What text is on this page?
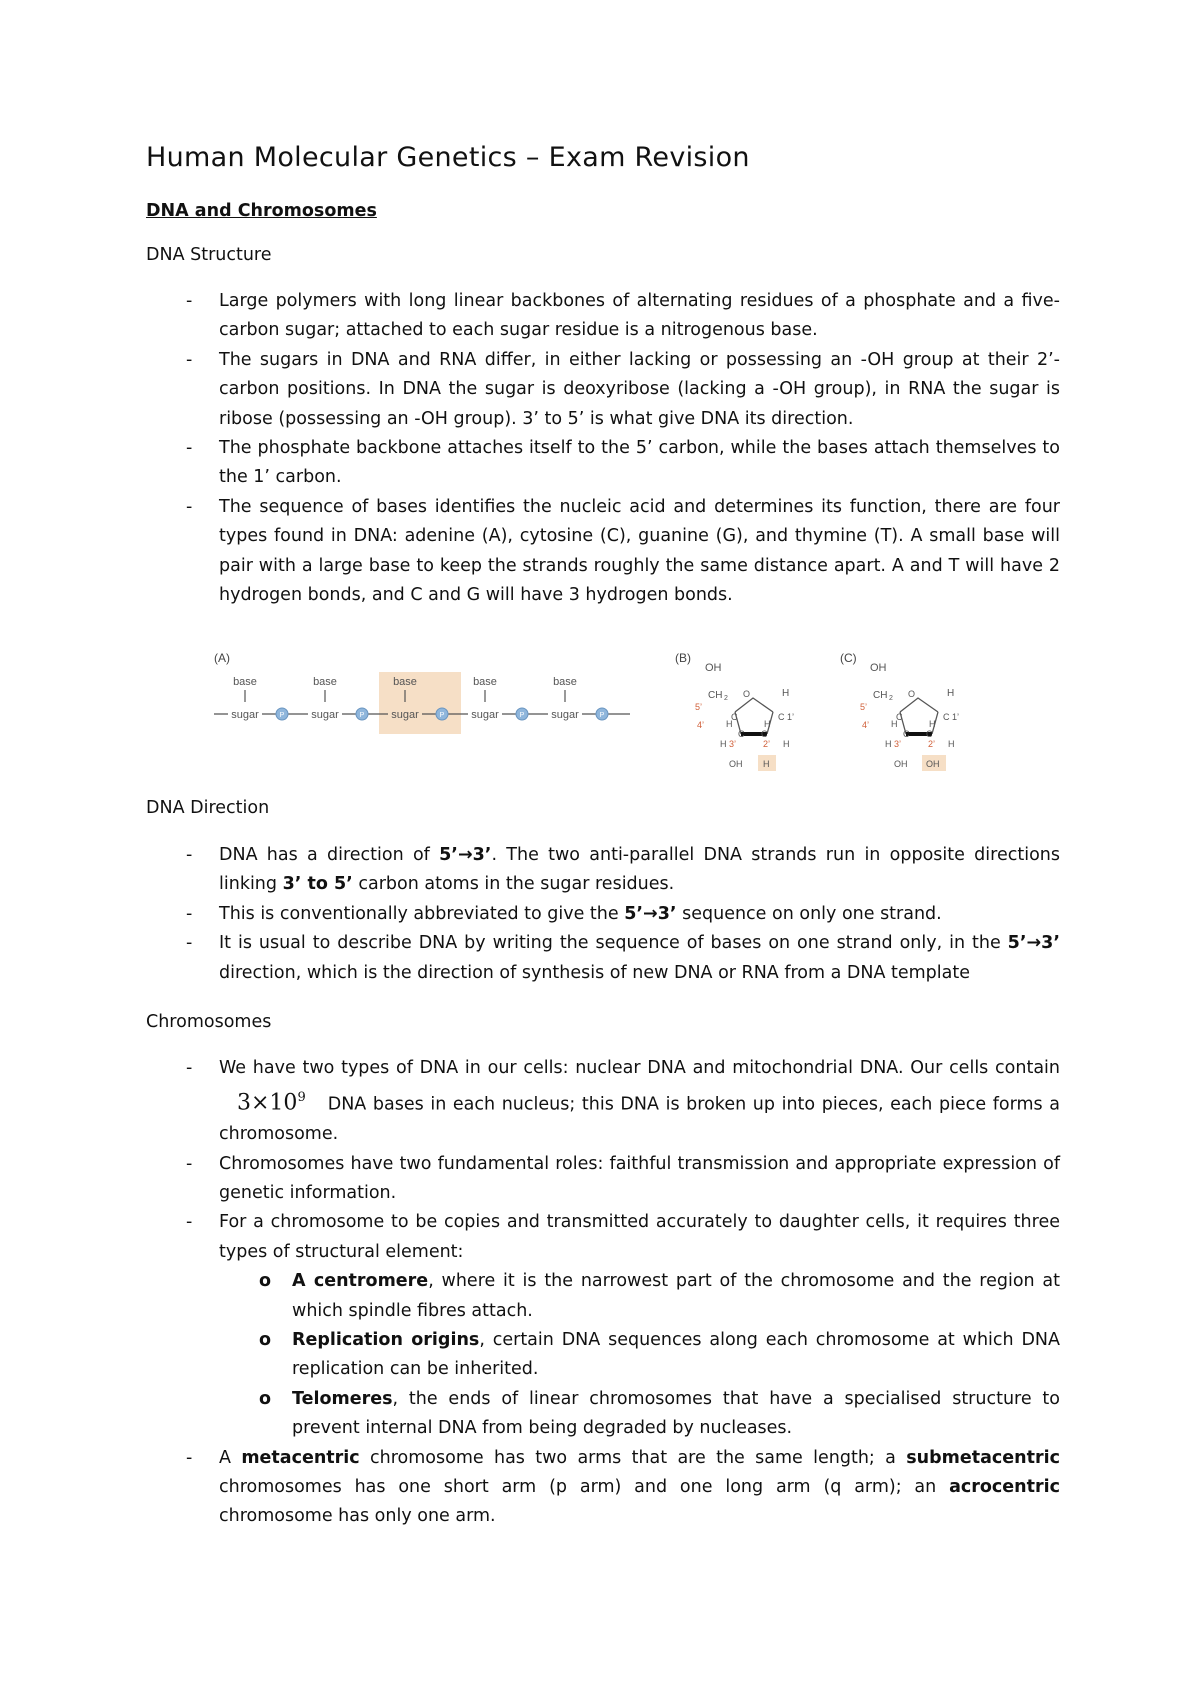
Human Molecular Genetics – Exam Revision
DNA and Chromosomes
DNA Structure
- Large polymers with long linear backbones of alternating residues of a phosphate and a five-carbon sugar; attached to each sugar residue is a nitrogenous base.
- The sugars in DNA and RNA differ, in either lacking or possessing an -OH group at their 2’-carbon positions. In DNA the sugar is deoxyribose (lacking a -OH group), in RNA the sugar is ribose (possessing an -OH group). 3’ to 5’ is what give DNA its direction.
- The phosphate backbone attaches itself to the 5’ carbon, while the bases attach themselves to the 1’ carbon.
- The sequence of bases identifies the nucleic acid and determines its function, there are four types found in DNA: adenine (A), cytosine (C), guanine (G), and thymine (T). A small base will pair with a large base to keep the strands roughly the same distance apart. A and T will have 2 hydrogen bonds, and C and G will have 3 hydrogen bonds.
(A)
base	base	base	base	base
sugar	sugar	sugar	sugar	sugar
P	P	P	P	P
(B)
OH
CH 2
5’
O	H
C
4’ H	H
C 1’
C C
H 3’	2’ H
OH H
(C)
OH
CH 2
5’
O	H
C
4’ H	H
C 1’
C C
H 3’	2’ H
OH OH
DNA Direction
- DNA has a direction of 5’→3’. The two anti-parallel DNA strands run in opposite directions linking 3’ to 5’ carbon atoms in the sugar residues.
- This is conventionally abbreviated to give the 5’→3’ sequence on only one strand.
- It is usual to describe DNA by writing the sequence of bases on one strand only, in the 5’→3’ direction, which is the direction of synthesis of new DNA or RNA from a DNA template
Chromosomes
- We have two types of DNA in our cells: nuclear DNA and mitochondrial DNA. Our cells $contain3\times 10^9$ DNA bases in each nucleus; this DNA is broken up into pieces, each piece forms a chromosome.
- Chromosomes have two fundamental roles: faithful transmission and appropriate expression of genetic information.
- For a chromosome to be copies and transmitted accurately to daughter cells, it requires three types of structural element:
o A centromere, where it is the narrowest part of the chromosome and the region at which spindle fibres attach.
o Replication origins, certain DNA sequences along each chromosome at which DNA replication can be inherited.
o Telomeres, the ends of linear chromosomes that have a specialised structure to prevent internal DNA from being degraded by nucleases.
- A metacentric chromosome has two arms that are the same length; a submetacentric chromosomes has one short arm (p arm) and one long arm (q arm); an acrocentric chromosome has only one arm.
